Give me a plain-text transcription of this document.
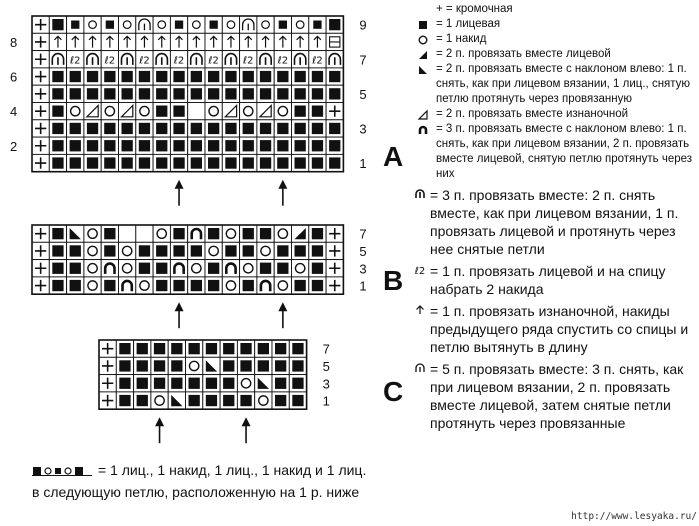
ℓ2 ℓ2 ℓ2 ℓ2 ℓ2 ℓ2 ℓ2 ℓ2
9
7
5
3
1
8
6
4
2	A
7
5
3
1 B
7
5
3
1 C
+ = кромочная
= 1 лицевая
= 1 накид
= 2 п. провязать вместе лицевой
= 2 п. провязать вместе с наклоном влево: 1 п. снять, как при лицевом вязании, 1 лиц., снятую петлю протянуть через провязанную
= 2 п. провязать вместе изнаночной
= 3 п. провязать вместе с наклоном влево: 1 п. снять, как при лицевом вязании, 2 п. провязать вместе лицевой, снятую петлю протянуть через них
= 3 п. провязать вместе: 2 п. снять вместе, как при лицевом вязании, 1 п. провязать лицевой и протянуть через нее снятые петли
ℓ2 = 1 п. провязать лицевой и на спицу набрать 2 накида
= 1 п. провязать изнаночной, накиды предыдущего ряда спустить со спицы и петлю вытянуть в длину
= 5 п. провязать вместе: 3 п. снять, как при лицевом вязании, 2 п. провязать вместе лицевой, затем снятые петли протянуть через провязанные
= 1 лиц., 1 накид, 1 лиц., 1 накид и 1 лиц. в следующую петлю, расположенную на 1 р. ниже
http://www.lesyaka.ru/
